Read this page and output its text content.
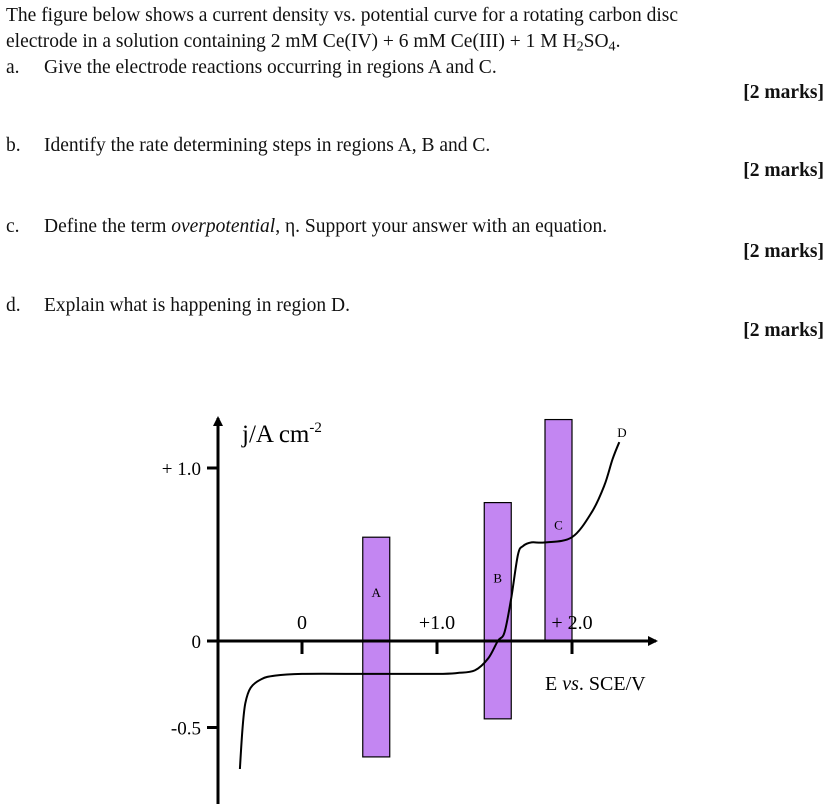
The figure below shows a current density vs. potential curve for a rotating carbon disc
electrode in a solution containing 2 mM Ce(IV) + 6 mM Ce(III) + 1 M $H_2SO_4$.
a. Give the electrode reactions occurring in regions A and C.
[2 marks]
b. Identify the rate determining steps in regions A, B and C.
[2 marks]
c. Define the term overpotential, η. Support your answer with an equation.
[2 marks]
d. Explain what is happening in region D.
[2 marks]
j/A $cm^{-2}$
E vs. SCE/V
+ 1.0
0
-0.5
0	+1.0	+ 2.0
A
B
C
D
